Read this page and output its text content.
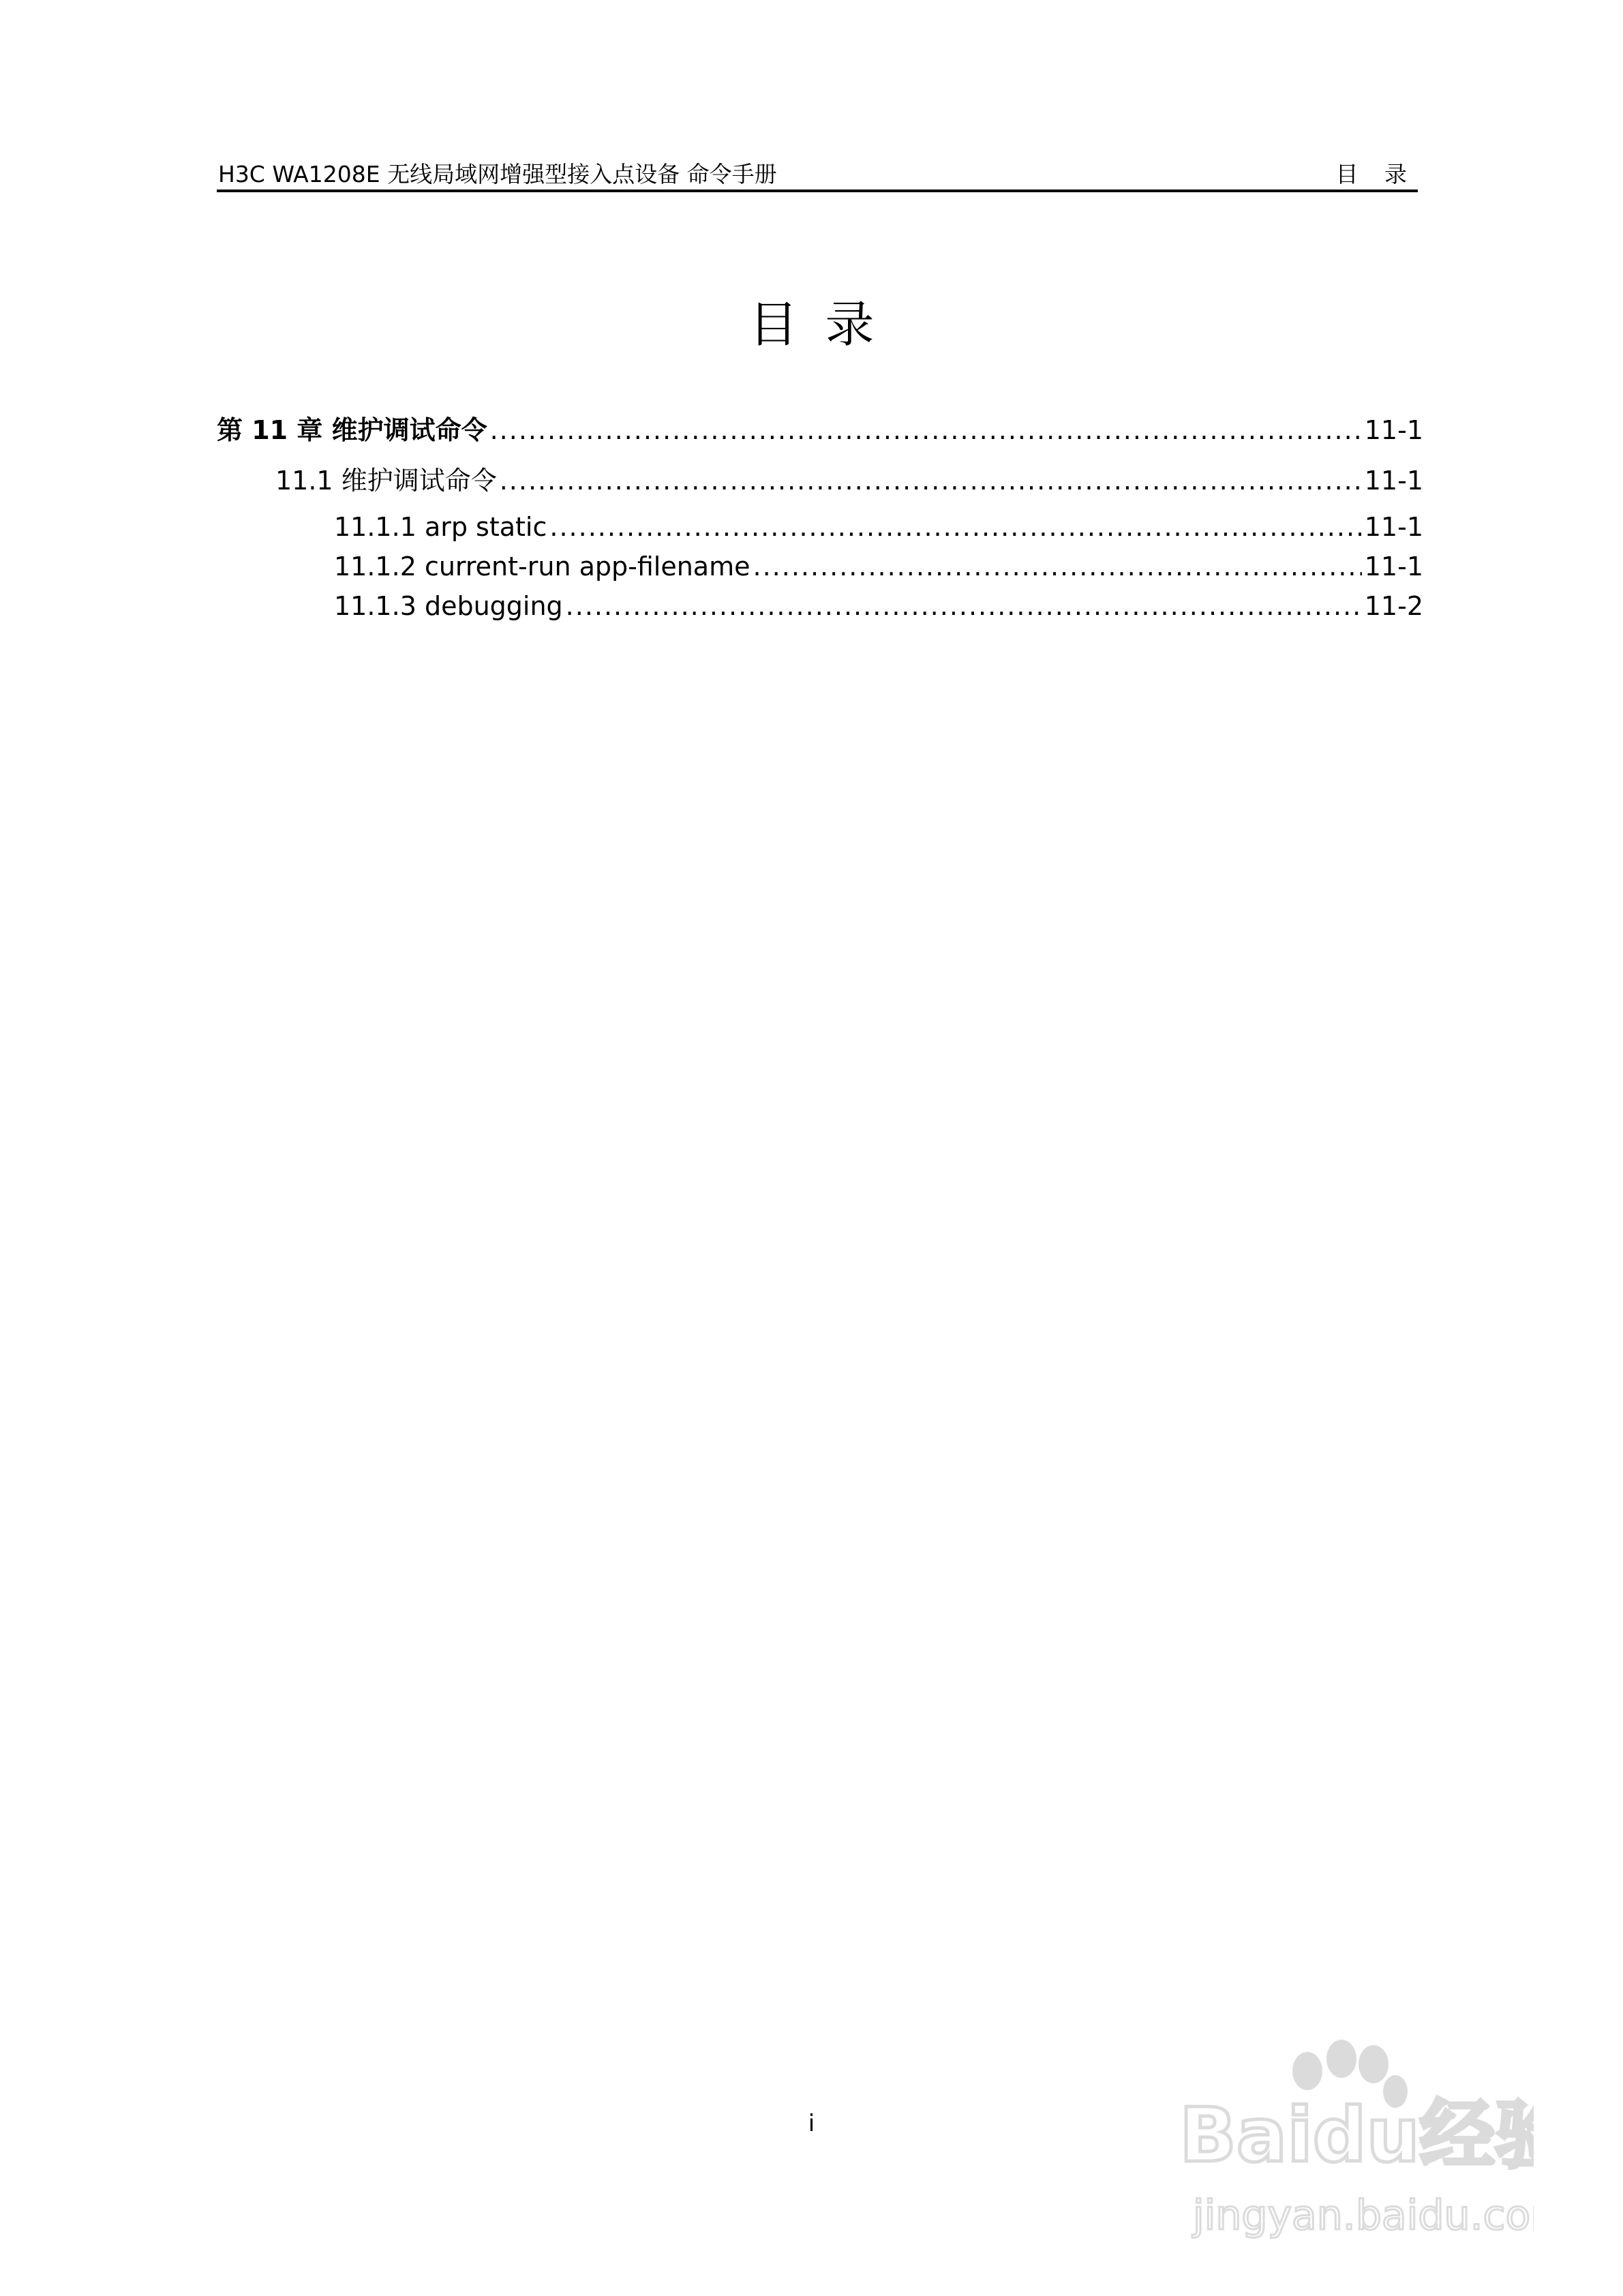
H3C WA1208E 无线局域网增强型接入点设备 命令手册	目 录
目录
第 11 章 维护调试命令 .....	11-1
11.1 维护调试命令 .....	11-1
11.1.1 arp static .....	11-1
11.1.2 current-run app-filename .....	11-1
11.1.3 debugging .....	11-2
i	Baidu经验
jingyan.baidu.com
